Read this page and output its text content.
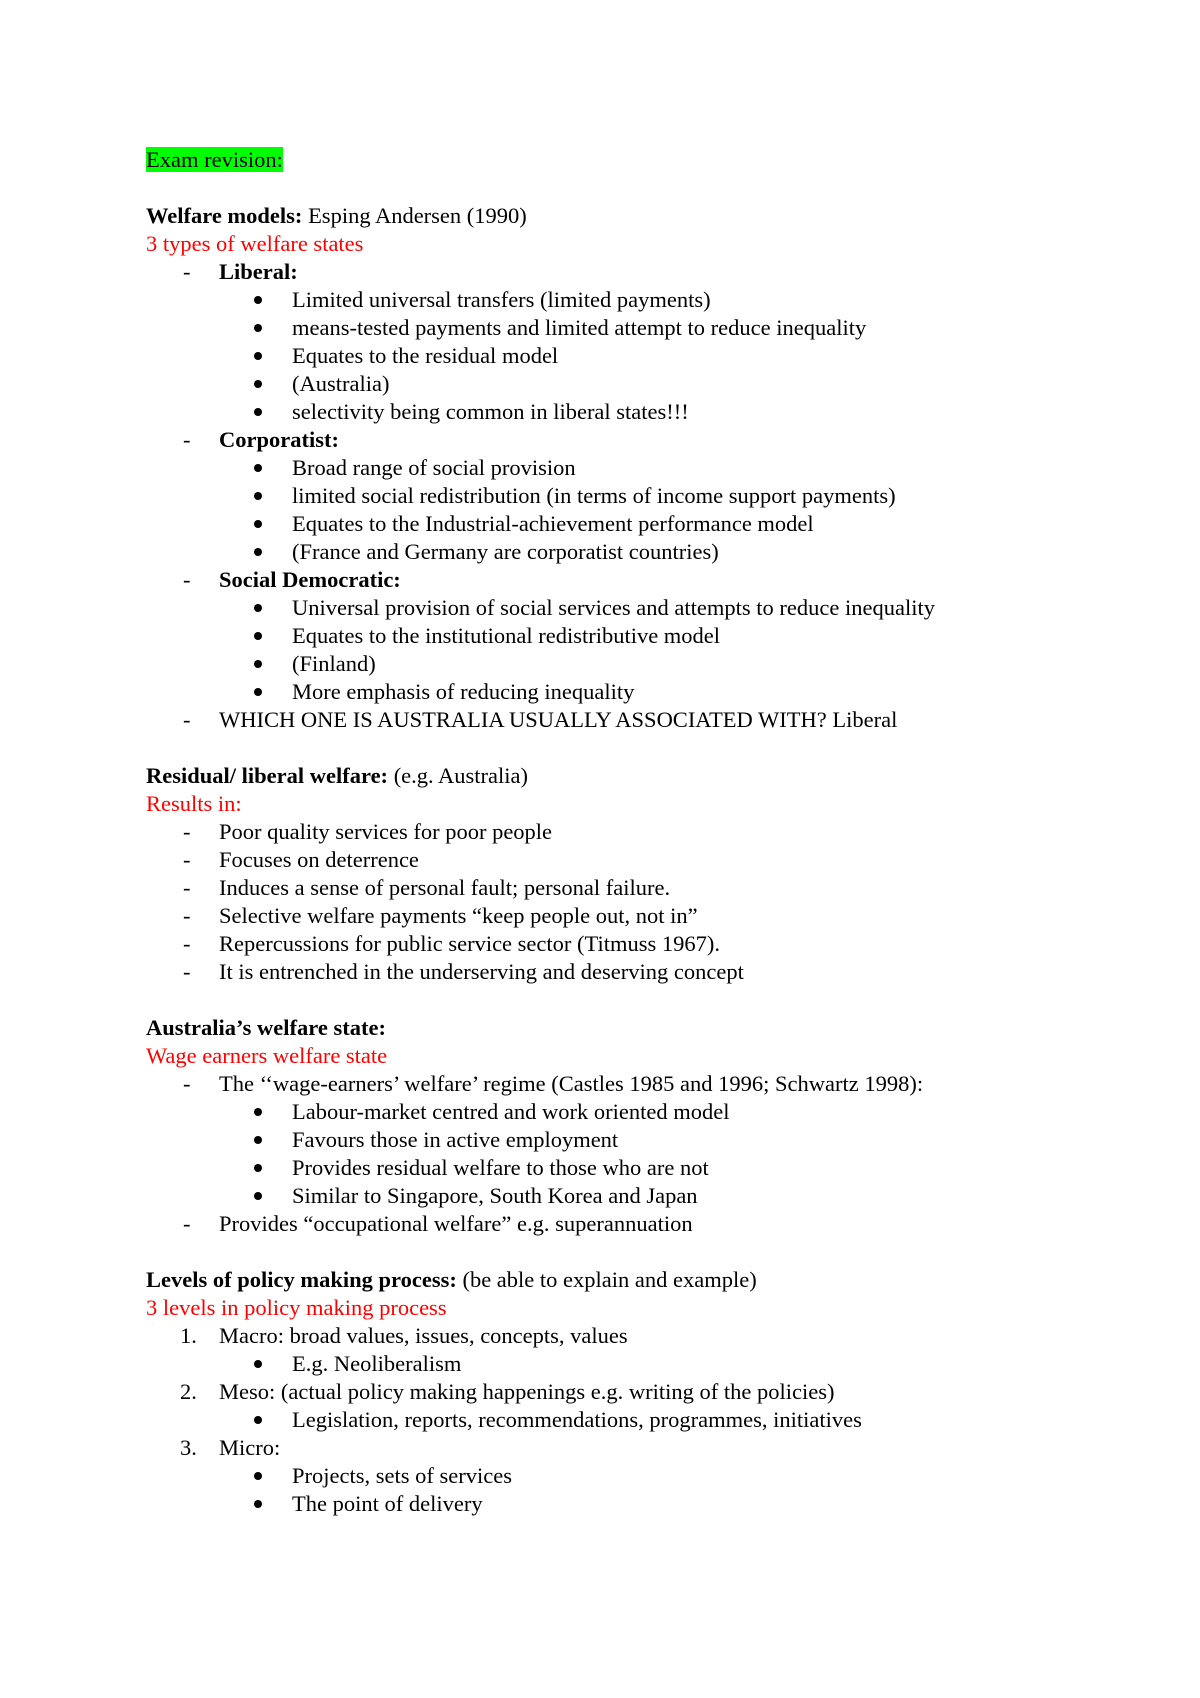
Exam revision:
Welfare models: Esping Andersen (1990)
3 types of welfare states
- Liberal:
Limited universal transfers (limited payments)
means-tested payments and limited attempt to reduce inequality
Equates to the residual model
(Australia)
selectivity being common in liberal states!!!
- Corporatist:
Broad range of social provision
limited social redistribution (in terms of income support payments)
Equates to the Industrial-achievement performance model
(France and Germany are corporatist countries)
- Social Democratic:
Universal provision of social services and attempts to reduce inequality
Equates to the institutional redistributive model
(Finland)
More emphasis of reducing inequality
- WHICH ONE IS AUSTRALIA USUALLY ASSOCIATED WITH? Liberal
Residual/ liberal welfare: (e.g. Australia)
Results in:
- Poor quality services for poor people
- Focuses on deterrence
- Induces a sense of personal fault; personal failure.
- Selective welfare payments “keep people out, not in”
- Repercussions for public service sector (Titmuss 1967).
- It is entrenched in the underserving and deserving concept
Australia’s welfare state:
Wage earners welfare state
- The ‘‘wage-earners’ welfare’ regime (Castles 1985 and 1996; Schwartz 1998):
Labour-market centred and work oriented model
Favours those in active employment
Provides residual welfare to those who are not
Similar to Singapore, South Korea and Japan
- Provides “occupational welfare” e.g. superannuation
Levels of policy making process: (be able to explain and example)
3 levels in policy making process
1. Macro: broad values, issues, concepts, values
E.g. Neoliberalism
2. Meso: (actual policy making happenings e.g. writing of the policies)
Legislation, reports, recommendations, programmes, initiatives
3. Micro:
Projects, sets of services
The point of delivery
